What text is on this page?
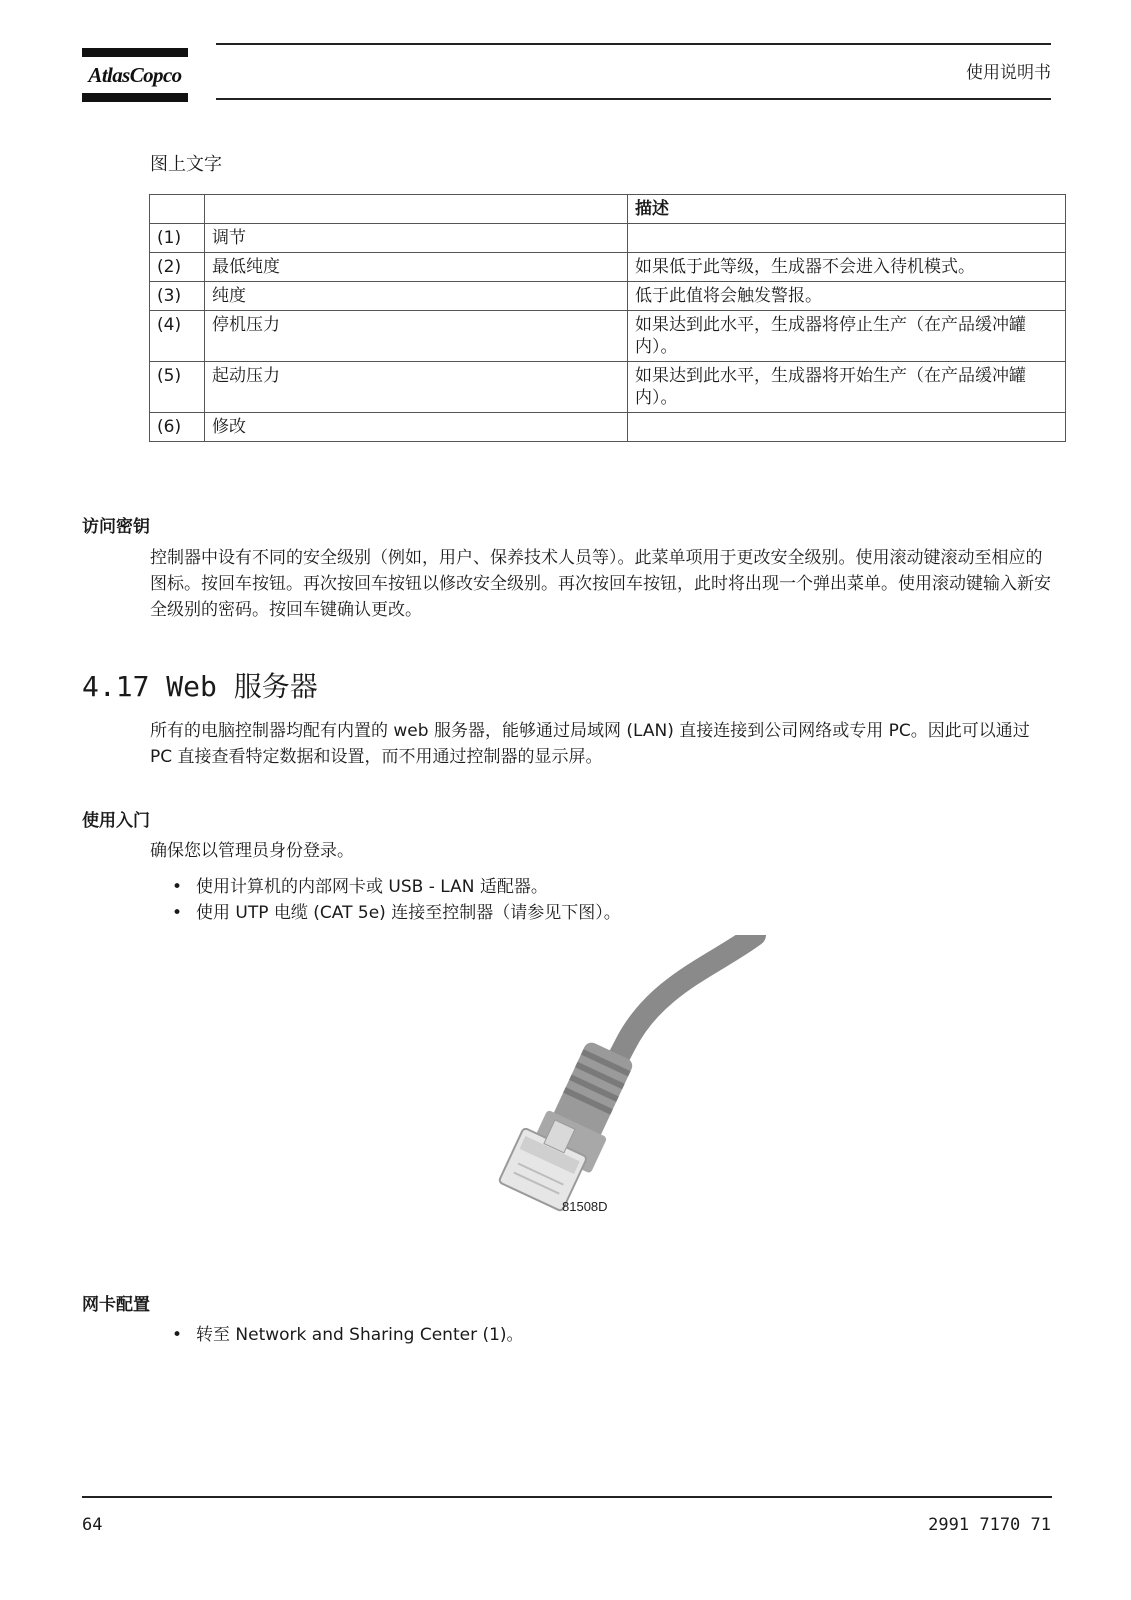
AtlasCopco	使用说明书
图上文字
		描述
(1)	调节	
(2)	最低纯度	如果低于此等级，生成器不会进入待机模式。
(3)	纯度	低于此值将会触发警报。
(4)	停机压力	如果达到此水平，生成器将停止生产（在产品缓冲罐内）。
(5)	起动压力	如果达到此水平，生成器将开始生产（在产品缓冲罐内）。
(6)	修改	
访问密钥
控制器中设有不同的安全级别（例如，用户、保养技术人员等）。此菜单项用于更改安全级别。使用滚动键滚动至相应的图标。按回车按钮。再次按回车按钮以修改安全级别。再次按回车按钮，此时将出现一个弹出菜单。使用滚动键输入新安全级别的密码。按回车键确认更改。
4.17 Web 服务器
所有的电脑控制器均配有内置的 web 服务器，能够通过局域网 (LAN) 直接连接到公司网络或专用 PC。因此可以通过 PC 直接查看特定数据和设置，而不用通过控制器的显示屏。
使用入门
确保您以管理员身份登录。
• 使用计算机的内部网卡或 USB - LAN 适配器。
• 使用 UTP 电缆 (CAT 5e) 连接至控制器（请参见下图）。
81508D
网卡配置
• 转至 Network and Sharing Center (1)。
64	2991 7170 71
